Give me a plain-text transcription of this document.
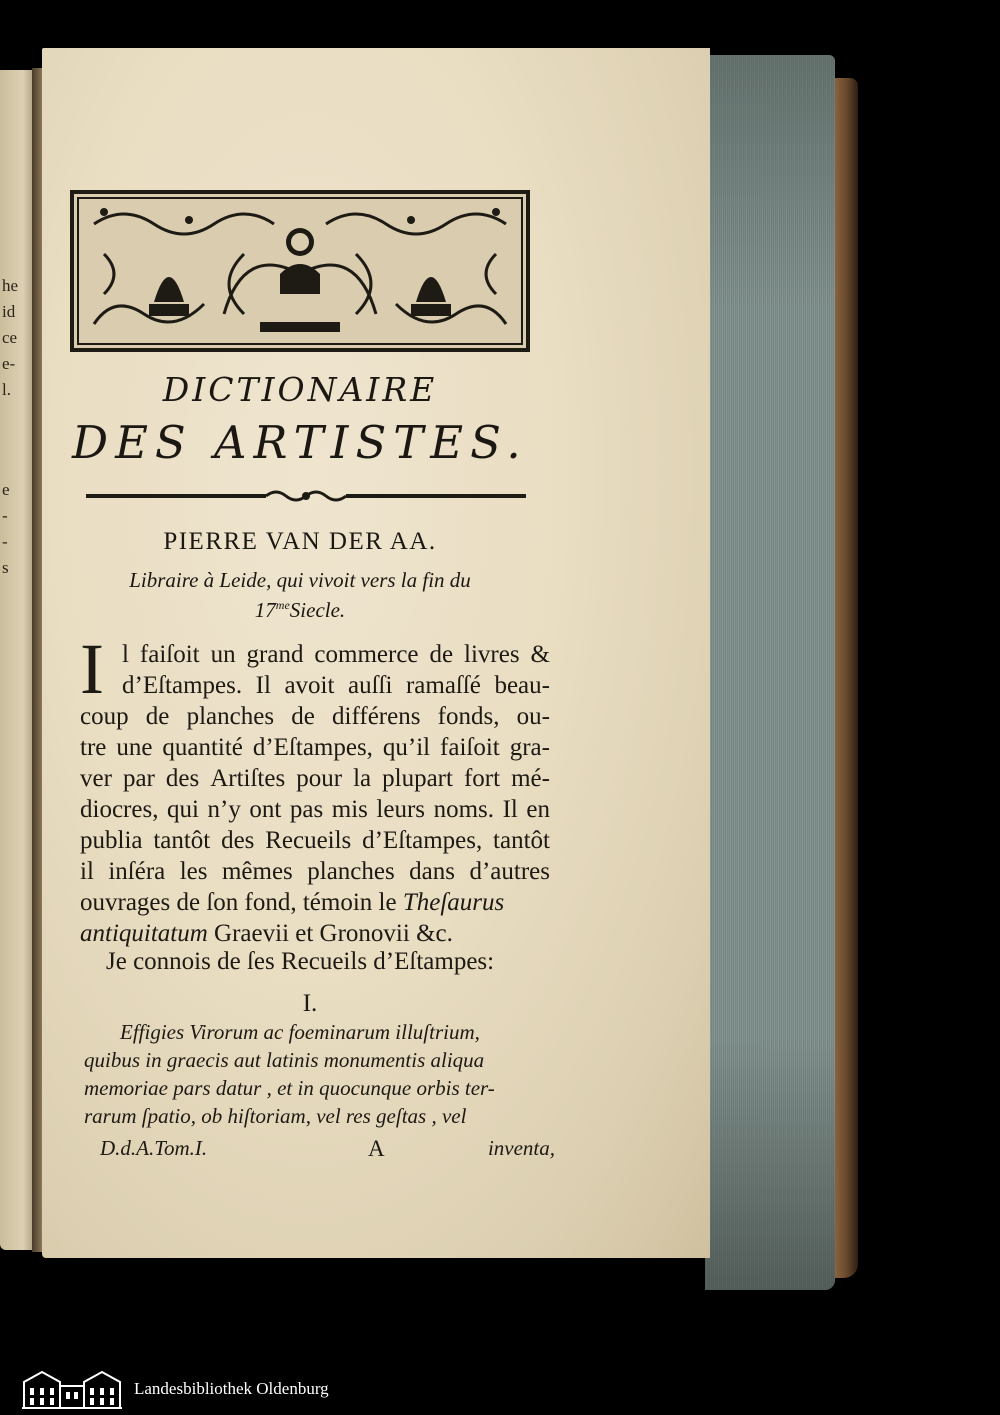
he
id
ce
e-
l.
e
-
-
s
DICTIONAIRE
DES ARTISTES.
PIERRE VAN DER AA.
Libraire à Leide, qui vivoit vers la fin du
$17^{me}Siecle$.
I l faiſoit un grand commerce de livres &
d’Eſtampes. Il avoit auſſi ramaſſé beau-
coup de planches de différens fonds, ou-
tre une quantité d’Eſtampes, qu’il faiſoit gra-
ver par des Artiſtes pour la plupart fort mé-
diocres, qui n’y ont pas mis leurs noms. Il en
publia tantôt des Recueils d’Eſtampes, tantôt
il inſéra les mêmes planches dans d’autres
ouvrages de ſon fond, témoin le Theſaurus
antiquitatum Graevii et Gronovii &c.
Je connois de ſes Recueils d’Eſtampes:
I.
Effigies Virorum ac foeminarum illuſtrium,
quibus in graecis aut latinis monumentis aliqua
memoriae pars datur , et in quocunque orbis ter-
rarum ſpatio, ob hiſtoriam, vel res geſtas , vel
D.d.A.Tom.I.	A	inventa,
Landesbibliothek Oldenburg
